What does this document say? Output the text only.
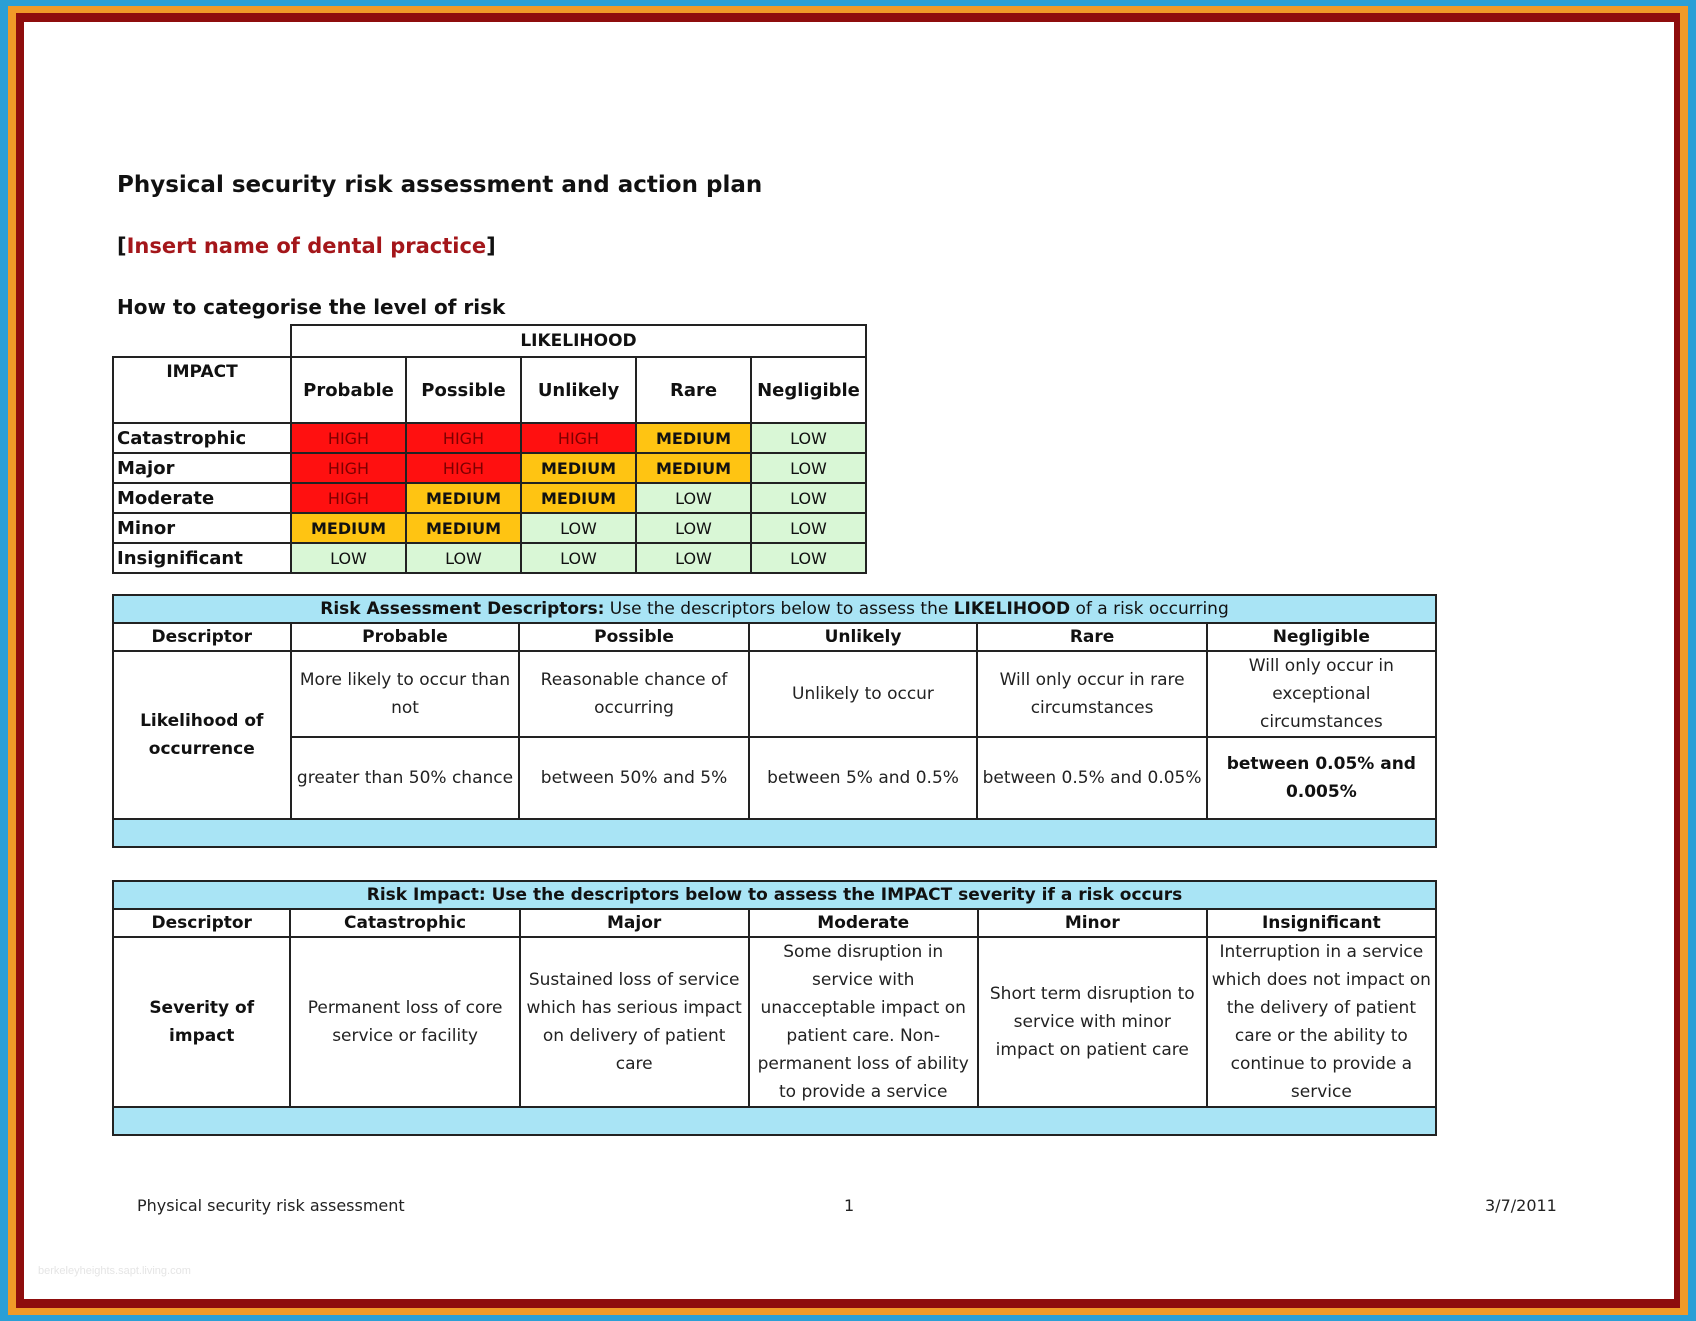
Physical security risk assessment and action plan
[Insert name of dental practice]
How to categorise the level of risk
	LIKELIHOOD				
IMPACT	Probable	Possible	Unlikely	Rare	Negligible
Catastrophic	HIGH	HIGH	HIGH	MEDIUM	LOW
Major	HIGH	HIGH	MEDIUM	MEDIUM	LOW
Moderate	HIGH	MEDIUM	MEDIUM	LOW	LOW
Minor	MEDIUM	MEDIUM	LOW	LOW	LOW
Insignificant	LOW	LOW	LOW	LOW	LOW
Risk Assessment Descriptors: Use the descriptors below to assess the LIKELIHOOD of a risk occurring					
Descriptor	Probable	Possible	Unlikely	Rare	Negligible
Likelihood of occurrence	More likely to occur than not	Reasonable chance of occurring	Unlikely to occur	Will only occur in rare circumstances	Will only occur in exceptional circumstances
	greater than 50% chance	between 50% and 5%	between 5% and 0.5%	between 0.5% and 0.05%	between 0.05% and 0.005%

Risk Impact: Use the descriptors below to assess the IMPACT severity if a risk occurs					
Descriptor	Catastrophic	Major	Moderate	Minor	Insignificant
Severity of impact	Permanent loss of core service or facility	Sustained loss of service which has serious impact on delivery of patient care	Some disruption in service with unacceptable impact on patient care. Non-permanent loss of ability to provide a service	Short term disruption to service with minor impact on patient care	Interruption in a service which does not impact on the delivery of patient care or the ability to continue to provide a service

Physical security risk assessment	1	3/7/2011
berkeleyheights.sapt.living.com
